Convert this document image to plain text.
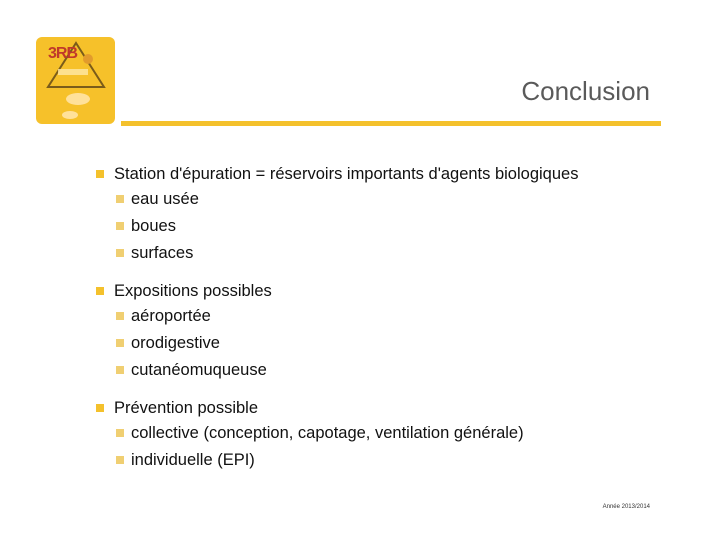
3RB
Conclusion
Station d'épuration = réservoirs importants d'agents biologiques
eau usée
boues
surfaces
Expositions possibles
aéroportée
orodigestive
cutanéomuqueuse
Prévention possible
collective (conception, capotage, ventilation générale)
individuelle (EPI)
Année 2013/2014
